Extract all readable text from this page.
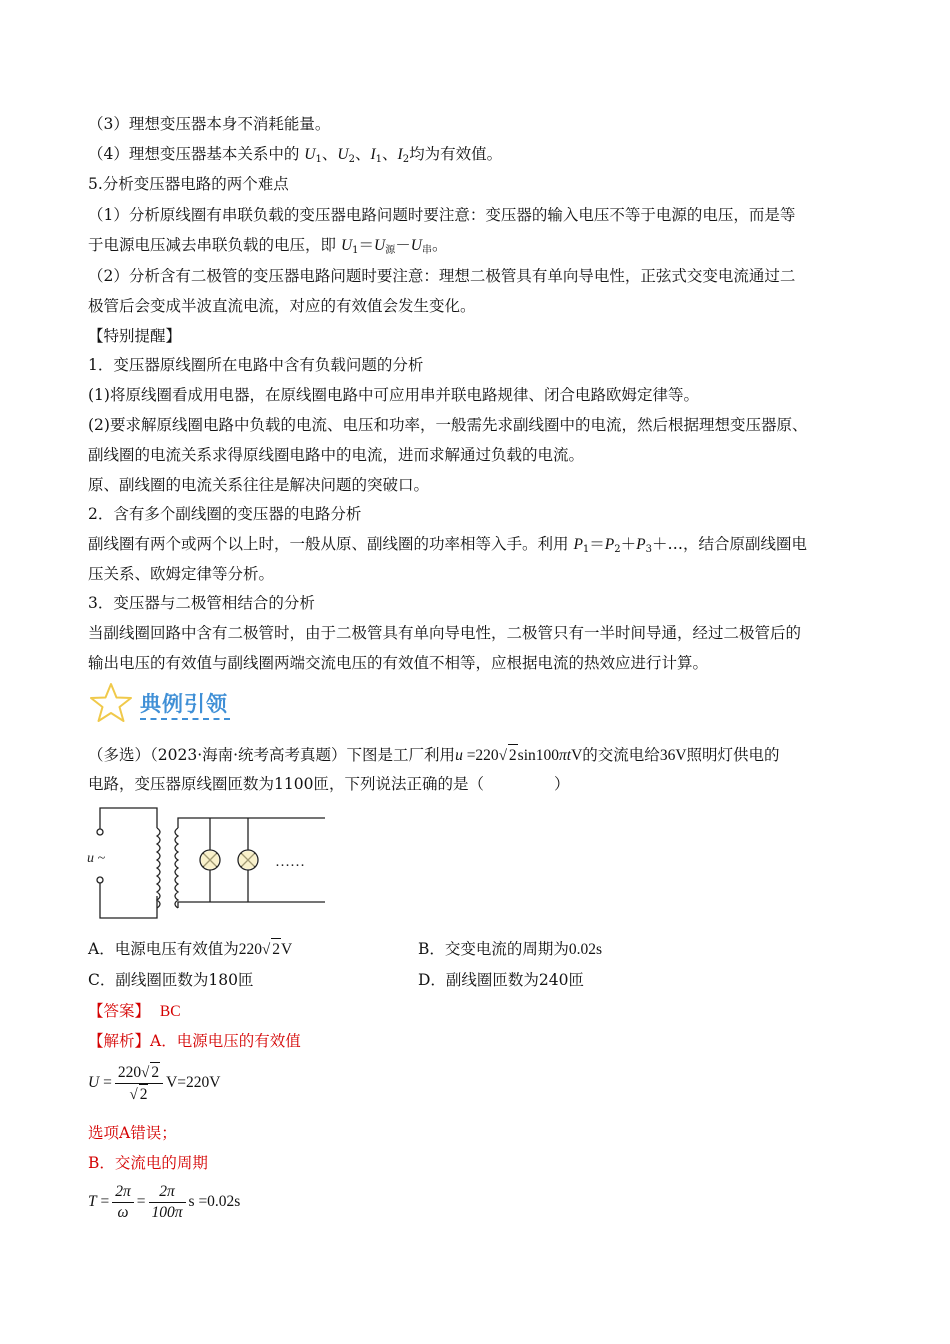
（3）理想变压器本身不消耗能量。
（4）理想变压器基本关系中的 $U_1$、$U_2$、$I_1$、$I_2$均为有效值。
5.分析变压器电路的两个难点
（1）分析原线圈有串联负载的变压器电路问题时要注意：变压器的输入电压不等于电源的电压，而是等
于电源电压减去串联负载的电压，即 $U_1=U_源-U_串$。
（2）分析含有二极管的变压器电路问题时要注意：理想二极管具有单向导电性，正弦式交变电流通过二
极管后会变成半波直流电流，对应的有效值会发生变化。
【特别提醒】
1．变压器原线圈所在电路中含有负载问题的分析
(1)将原线圈看成用电器，在原线圈电路中可应用串并联电路规律、闭合电路欧姆定律等。
(2)要求解原线圈电路中负载的电流、电压和功率，一般需先求副线圈中的电流，然后根据理想变压器原、
副线圈的电流关系求得原线圈电路中的电流，进而求解通过负载的电流。
原、副线圈的电流关系往往是解决问题的突破口。
2．含有多个副线圈的变压器的电路分析
副线圈有两个或两个以上时，一般从原、副线圈的功率相等入手。利用 $P_1=P_2+P_3+\dots$，结合原副线圈电
压关系、欧姆定律等分析。
3．变压器与二极管相结合的分析
当副线圈回路中含有二极管时，由于二极管具有单向导电性，二极管只有一半时间导通，经过二极管后的
输出电压的有效值与副线圈两端交流电压的有效值不相等，应根据电流的热效应进行计算。
典例引领
（多选）（2023·海南·统考高考真题）下图是工厂利用u =220√ 2sin100πtV的交流电给36V照明灯供电的
电路，变压器原线圈匝数为1100匝，下列说法正确的是（	）
u ~	……
A．电源电压有效值为220√ 2V	B．交变电流的周期为0.02s
C．副线圈匝数为180匝	D．副线圈匝数为240匝
【答案】 BC
【解析】A．电源电压的有效值
$U = \frac{220√ 2}{√ 2} V=220V$
选项A错误；
B．交流电的周期
$T = \frac{2\pi}{\omega} = \frac{2\pi}{100\pi}$ s =0.02s
